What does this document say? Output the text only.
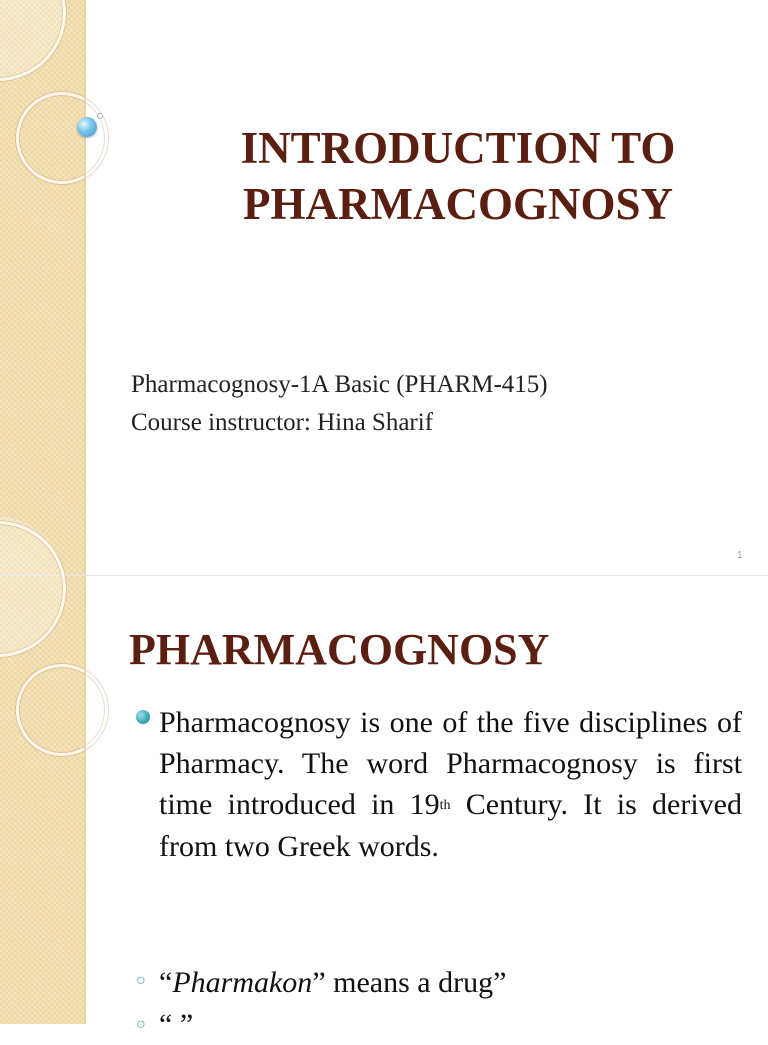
INTRODUCTION TO
PHARMACOGNOSY

Pharmacognosy-1A Basic (PHARM-415)

Course instructor: Hina Sharif

1
PHARMACOGNOSY

Pharmacognosy is one of the five disciplines of Pharmacy. The word Pharmacognosy is first time introduced in 19th Century. It is derived from two Greek words.

○ “Pharmakon” means a drug”

○ “ ”
